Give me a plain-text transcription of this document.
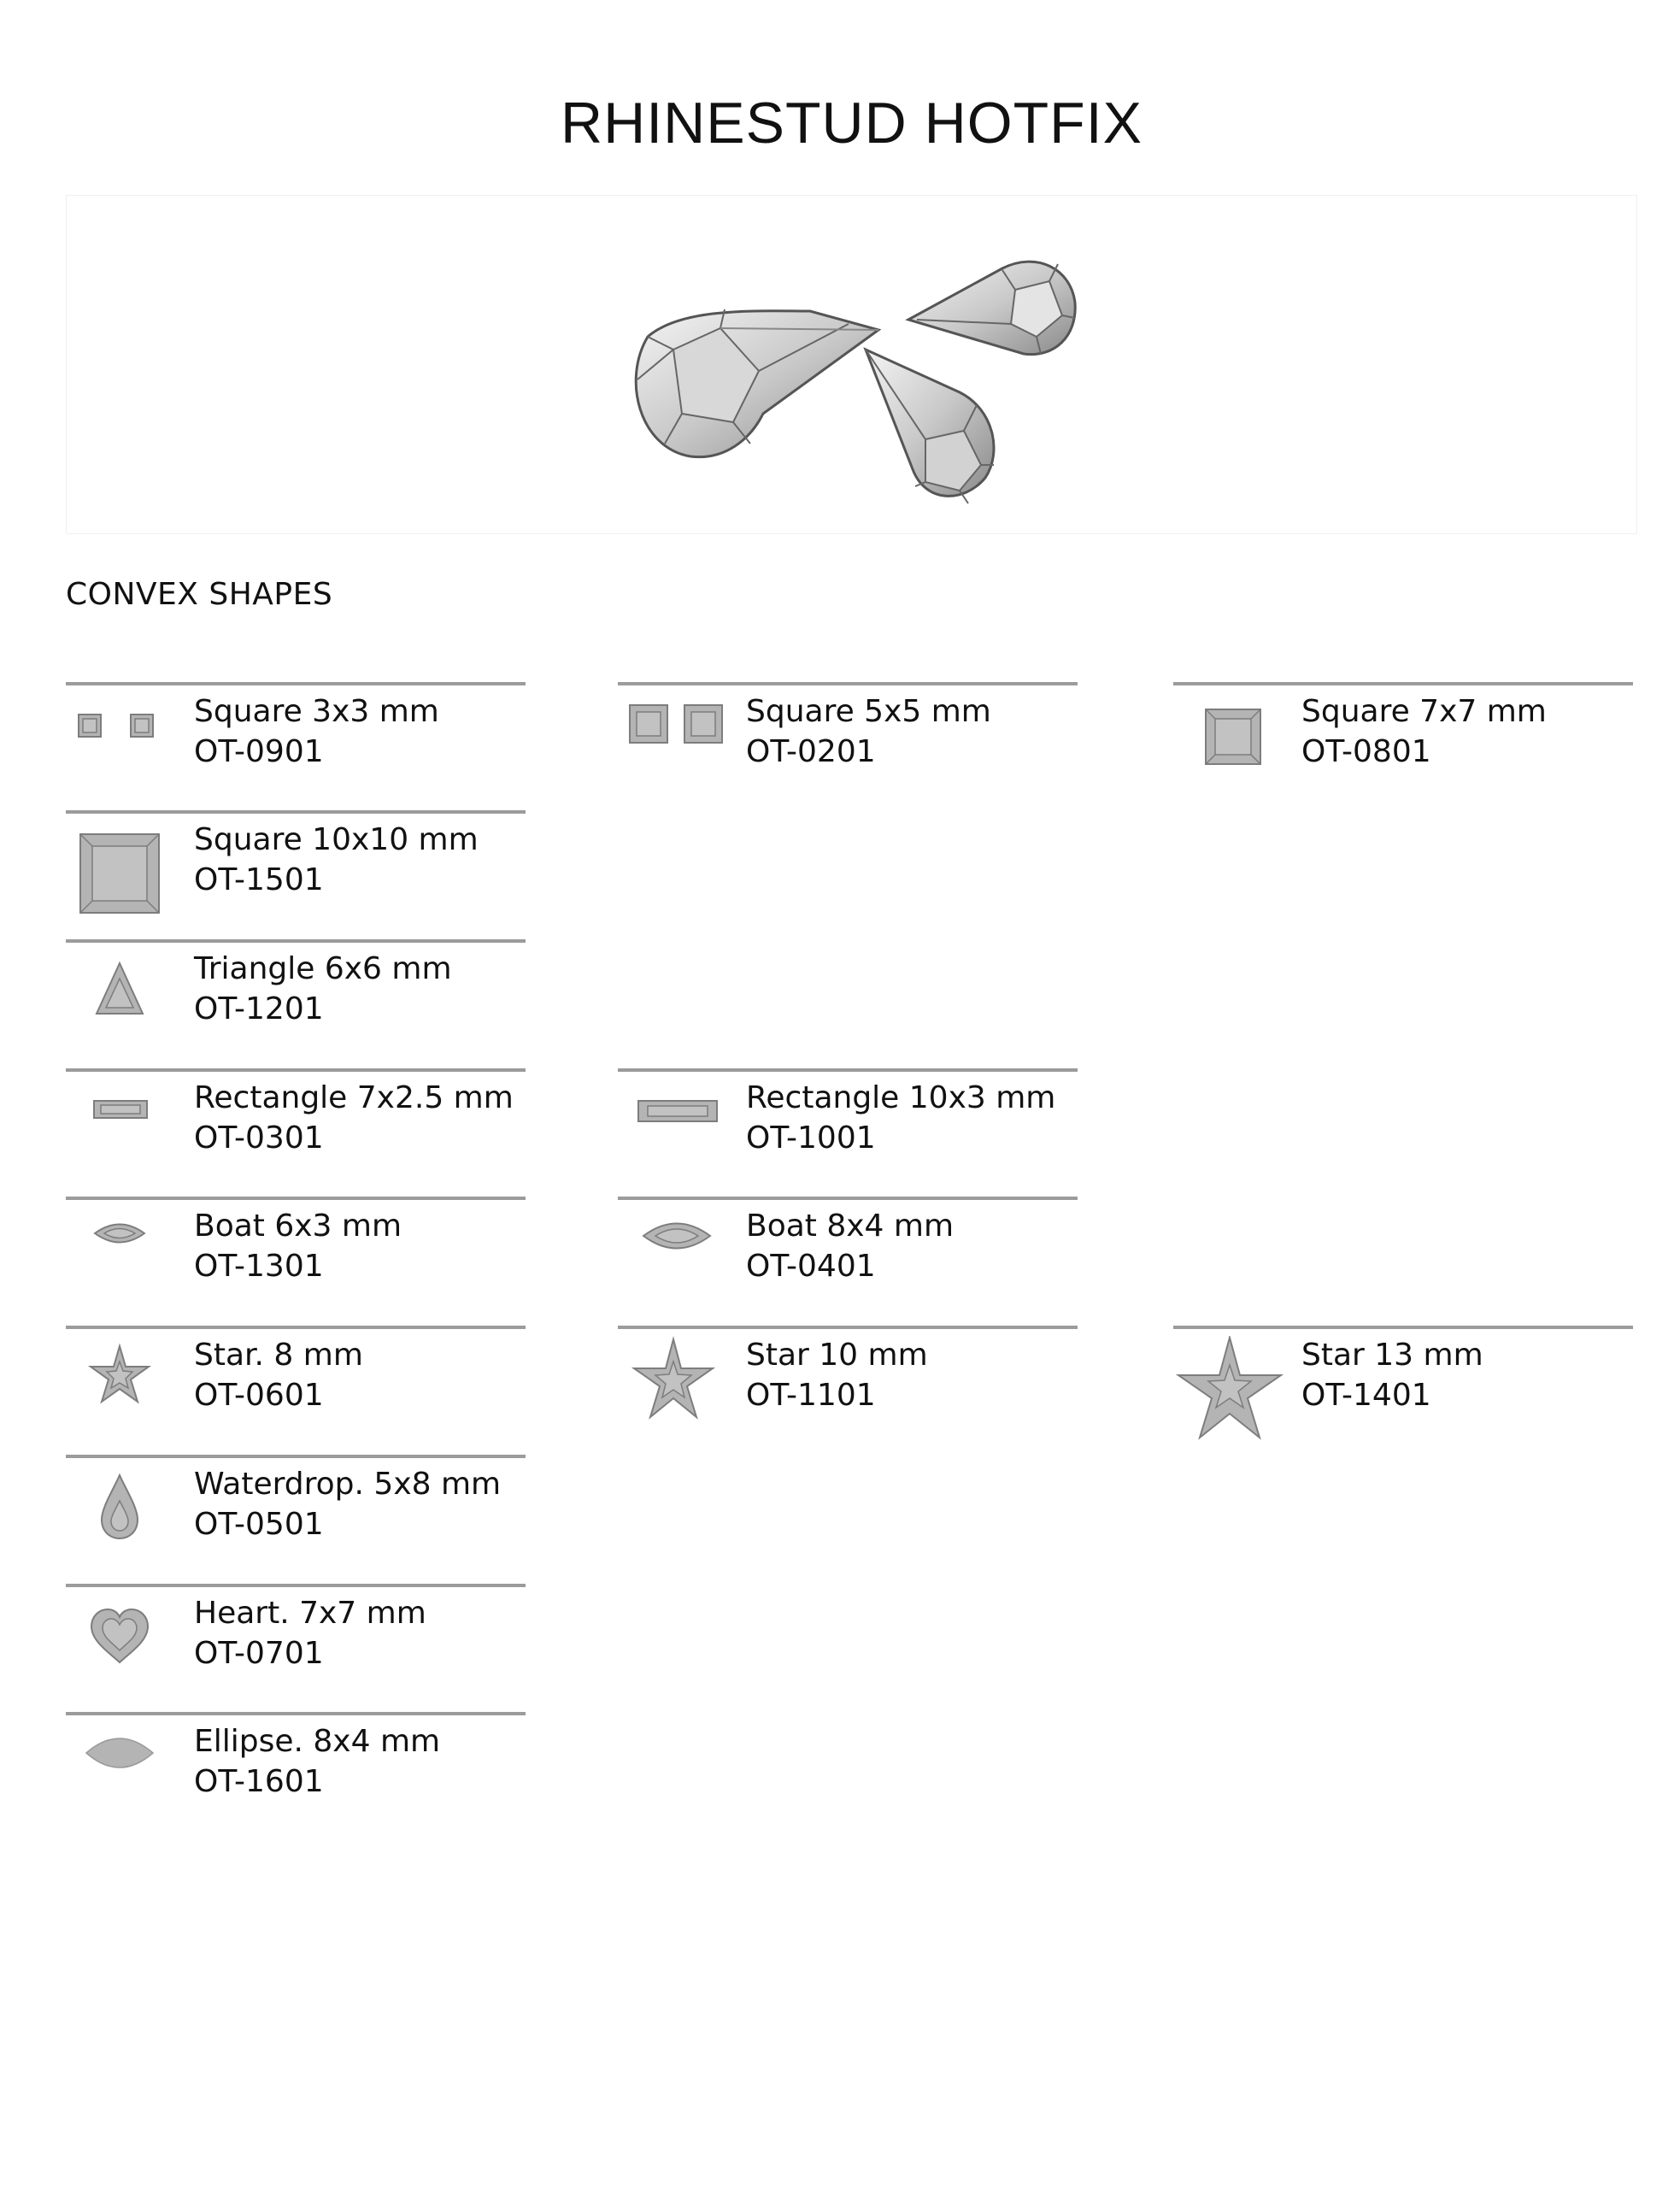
RHINESTUD HOTFIX
CONVEX SHAPES
Square 3x3 mm
OT-0901
Square 5x5 mm
OT-0201
Square 7x7 mm
OT-0801
Square 10x10 mm
OT-1501
Triangle 6x6 mm
OT-1201
Rectangle 7x2.5 mm
OT-0301
Rectangle 10x3 mm
OT-1001
Boat 6x3 mm
OT-1301
Boat 8x4 mm
OT-0401
Star. 8 mm
OT-0601
Star 10 mm
OT-1101
Star 13 mm
OT-1401
Waterdrop. 5x8 mm
OT-0501
Heart. 7x7 mm
OT-0701
Ellipse. 8x4 mm
OT-1601
